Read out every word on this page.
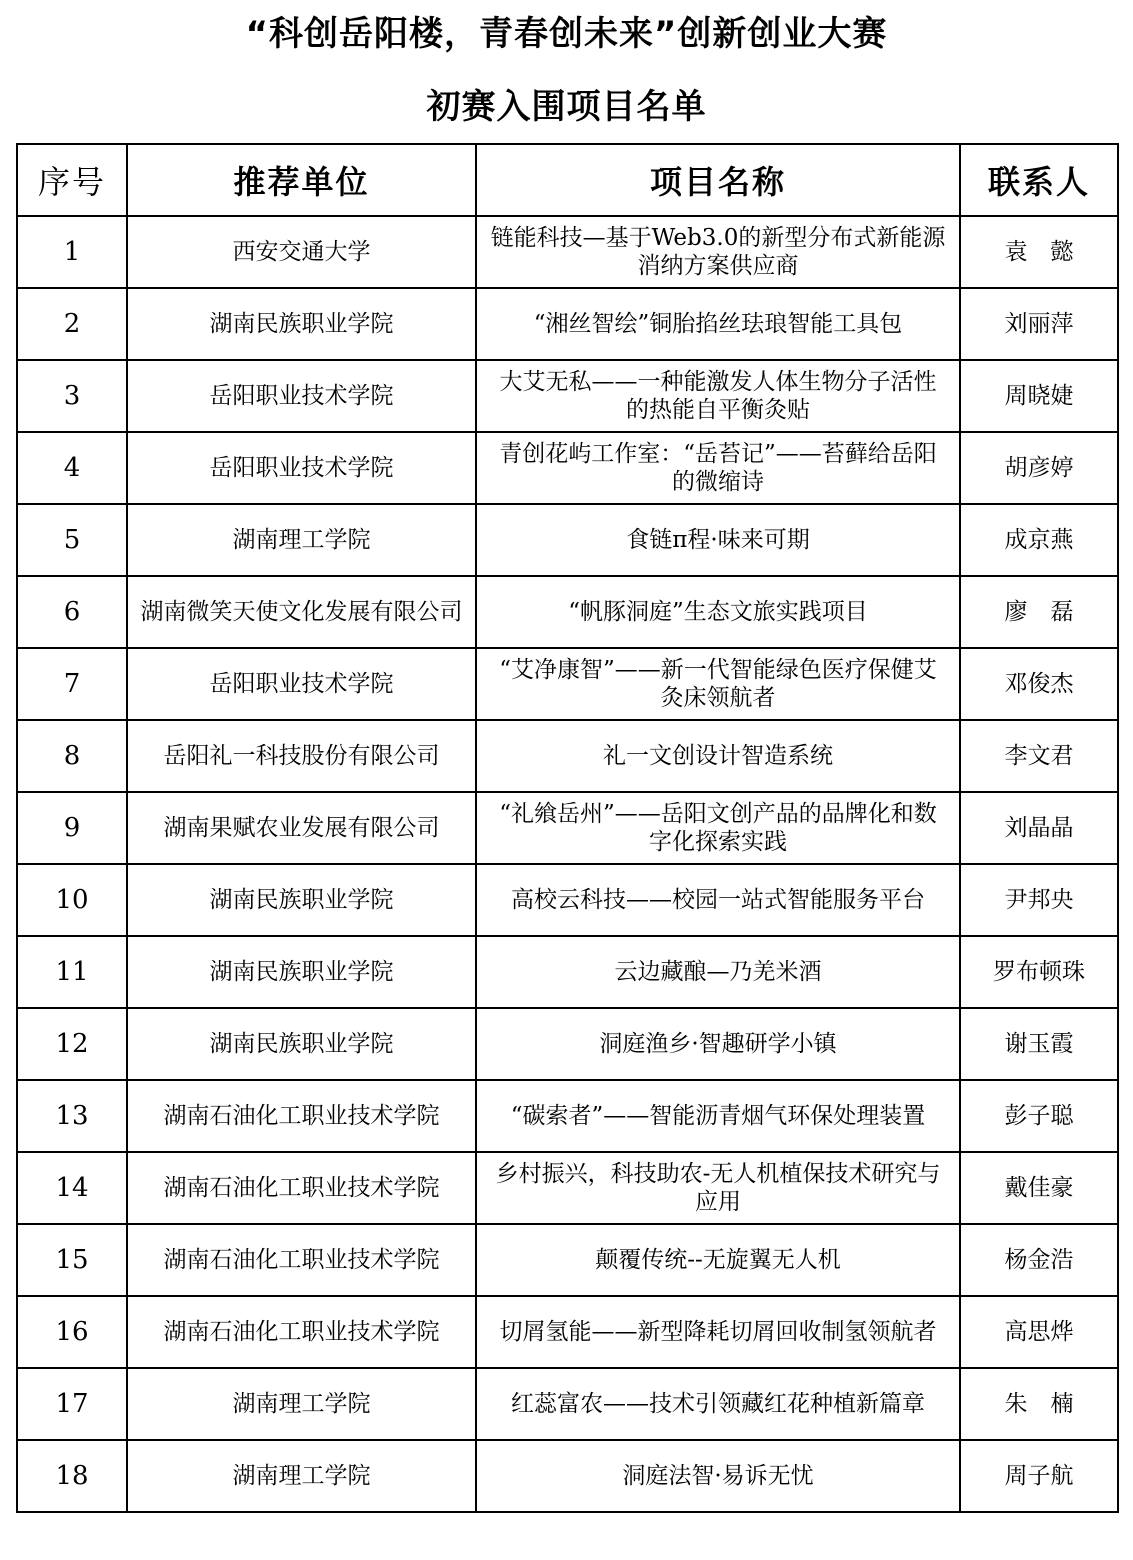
“科创岳阳楼，青春创未来”创新创业大赛
初赛入围项目名单
序号	推荐单位	项目名称	联系人
1	西安交通大学	链能科技—基于Web3.0的新型分布式新能源消纳方案供应商	袁　懿
2	湖南民族职业学院	“湘丝智绘”铜胎掐丝珐琅智能工具包	刘丽萍
3	岳阳职业技术学院	大艾无私——一种能激发人体生物分子活性的热能自平衡灸贴	周晓婕
4	岳阳职业技术学院	青创花屿工作室：“岳苔记”——苔藓给岳阳的微缩诗	胡彦婷
5	湖南理工学院	食链π程·味来可期	成京燕
6	湖南微笑天使文化发展有限公司	“帆豚洞庭”生态文旅实践项目	廖　磊
7	岳阳职业技术学院	“艾净康智”——新一代智能绿色医疗保健艾灸床领航者	邓俊杰
8	岳阳礼一科技股份有限公司	礼一文创设计智造系统	李文君
9	湖南果赋农业发展有限公司	“礼飨岳州”——岳阳文创产品的品牌化和数字化探索实践	刘晶晶
10	湖南民族职业学院	高校云科技——校园一站式智能服务平台	尹邦央
11	湖南民族职业学院	云边藏酿—乃羌米酒	罗布顿珠
12	湖南民族职业学院	洞庭渔乡·智趣研学小镇	谢玉霞
13	湖南石油化工职业技术学院	“碳索者”——智能沥青烟气环保处理装置	彭子聪
14	湖南石油化工职业技术学院	乡村振兴，科技助农-无人机植保技术研究与应用	戴佳豪
15	湖南石油化工职业技术学院	颠覆传统--无旋翼无人机	杨金浩
16	湖南石油化工职业技术学院	切屑氢能——新型降耗切屑回收制氢领航者	高思烨
17	湖南理工学院	红蕊富农——技术引领藏红花种植新篇章	朱　楠
18	湖南理工学院	洞庭法智·易诉无忧	周子航
